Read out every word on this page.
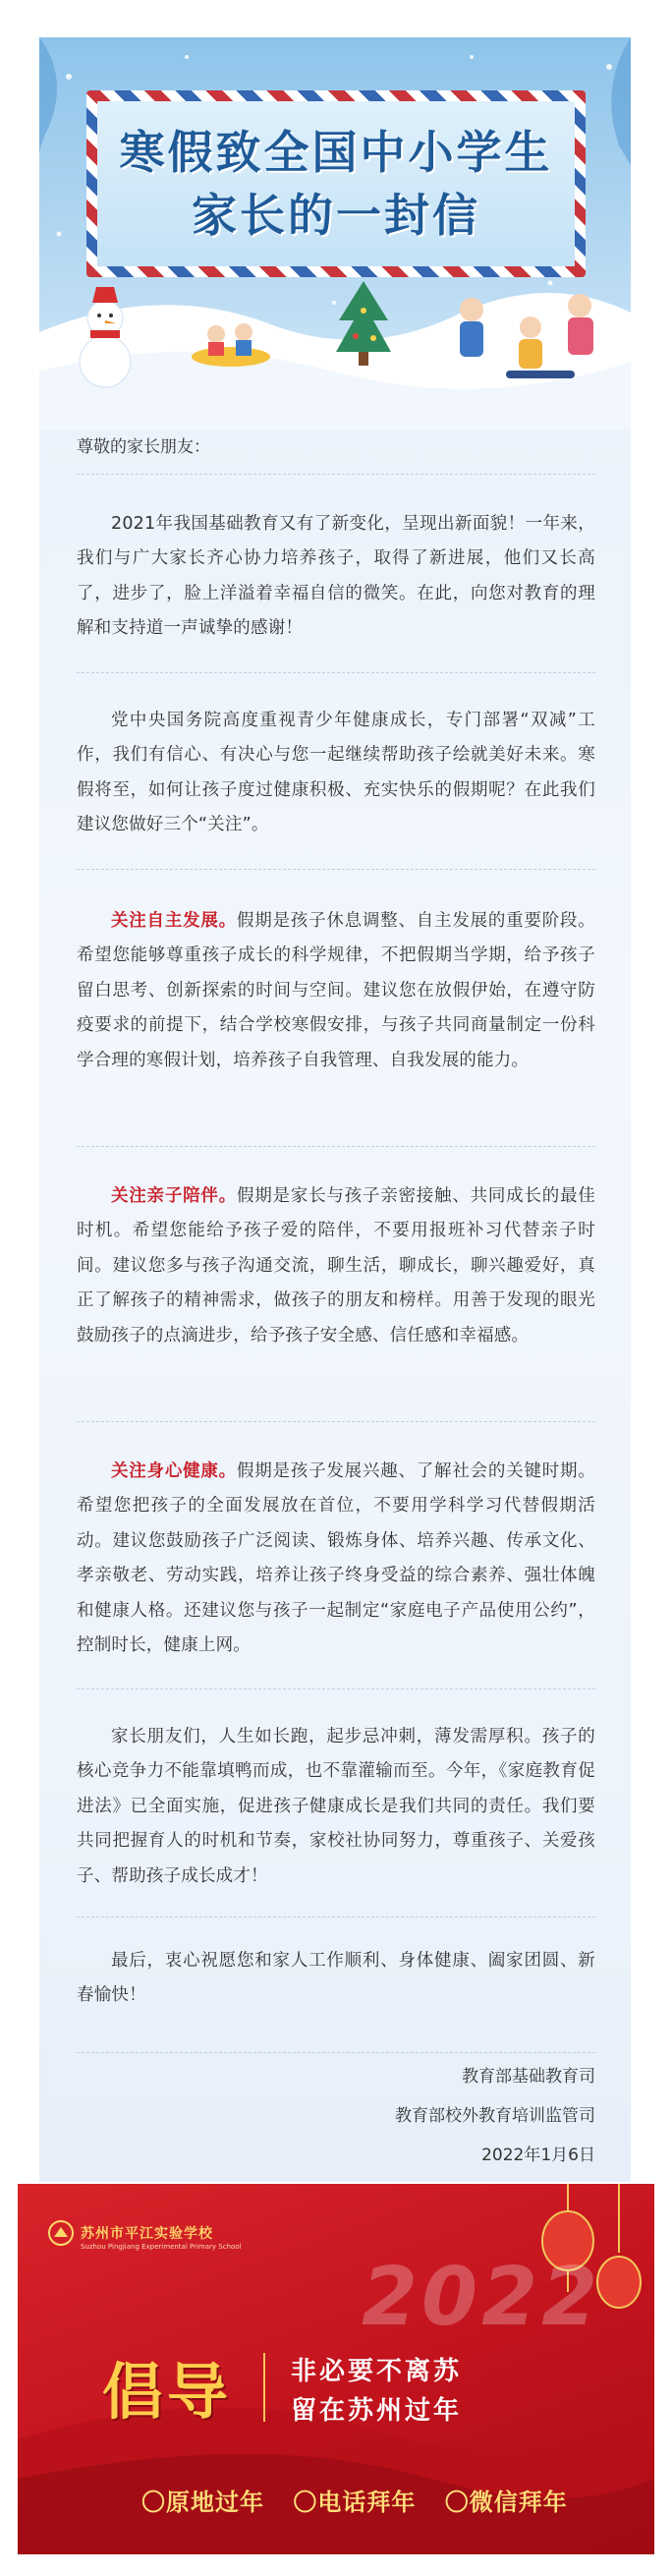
寒假致全国中小学生
家长的一封信
尊敬的家长朋友：

2021年我国基础教育又有了新变化，呈现出新面貌！一年来，我们与广大家长齐心协力培养孩子，取得了新进展，他们又长高了，进步了，脸上洋溢着幸福自信的微笑。在此，向您对教育的理解和支持道一声诚挚的感谢！

党中央国务院高度重视青少年健康成长，专门部署“双减”工作，我们有信心、有决心与您一起继续帮助孩子绘就美好未来。寒假将至，如何让孩子度过健康积极、充实快乐的假期呢？在此我们建议您做好三个“关注”。

关注自主发展。假期是孩子休息调整、自主发展的重要阶段。希望您能够尊重孩子成长的科学规律，不把假期当学期，给予孩子留白思考、创新探索的时间与空间。建议您在放假伊始，在遵守防疫要求的前提下，结合学校寒假安排，与孩子共同商量制定一份科学合理的寒假计划，培养孩子自我管理、自我发展的能力。

关注亲子陪伴。假期是家长与孩子亲密接触、共同成长的最佳时机。希望您能给予孩子爱的陪伴，不要用报班补习代替亲子时间。建议您多与孩子沟通交流，聊生活，聊成长，聊兴趣爱好，真正了解孩子的精神需求，做孩子的朋友和榜样。用善于发现的眼光鼓励孩子的点滴进步，给予孩子安全感、信任感和幸福感。

关注身心健康。假期是孩子发展兴趣、了解社会的关键时期。希望您把孩子的全面发展放在首位，不要用学科学习代替假期活动。建议您鼓励孩子广泛阅读、锻炼身体、培养兴趣、传承文化、孝亲敬老、劳动实践，培养让孩子终身受益的综合素养、强壮体魄和健康人格。还建议您与孩子一起制定“家庭电子产品使用公约”，控制时长，健康上网。

家长朋友们，人生如长跑，起步忌冲刺，薄发需厚积。孩子的核心竞争力不能靠填鸭而成，也不靠灌输而至。今年，《家庭教育促进法》已全面实施，促进孩子健康成长是我们共同的责任。我们要共同把握育人的时机和节奏，家校社协同努力，尊重孩子、关爱孩子、帮助孩子成长成才！

最后，衷心祝愿您和家人工作顺利、身体健康、阖家团圆、新春愉快！

教育部基础教育司
教育部校外教育培训监管司
2022年1月6日
苏州市平江实验学校
Suzhou Pingjiang Experimental Primary School
2022
倡导 非必要不离苏
留在苏州过年
〇原地过年 〇电话拜年 〇微信拜年
